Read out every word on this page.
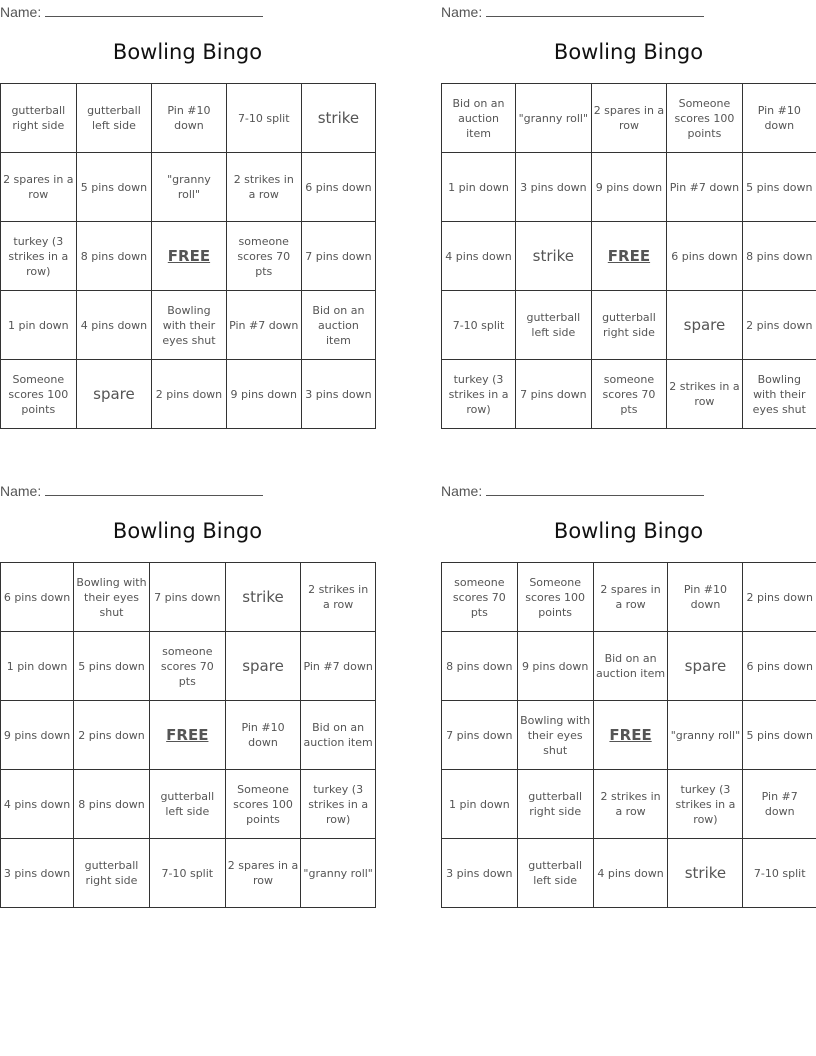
Name:
Bowling Bingo
gutterball right side	gutterball left side	Pin #10 down	7-10 split	strike
2 spares in a row	5 pins down	"granny roll"	2 strikes in a row	6 pins down
turkey (3 strikes in a row)	8 pins down	FREE	someone scores 70 pts	7 pins down
1 pin down	4 pins down	Bowling with their eyes shut	Pin #7 down	Bid on an auction item
Someone scores 100 points	spare	2 pins down	9 pins down	3 pins down
Name:
Bowling Bingo
Bid on an auction item	"granny roll"	2 spares in a row	Someone scores 100 points	Pin #10 down
1 pin down	3 pins down	9 pins down	Pin #7 down	5 pins down
4 pins down	strike	FREE	6 pins down	8 pins down
7-10 split	gutterball left side	gutterball right side	spare	2 pins down
turkey (3 strikes in a row)	7 pins down	someone scores 70 pts	2 strikes in a row	Bowling with their eyes shut
Name:
Bowling Bingo
6 pins down	Bowling with their eyes shut	7 pins down	strike	2 strikes in a row
1 pin down	5 pins down	someone scores 70 pts	spare	Pin #7 down
9 pins down	2 pins down	FREE	Pin #10 down	Bid on an auction item
4 pins down	8 pins down	gutterball left side	Someone scores 100 points	turkey (3 strikes in a row)
3 pins down	gutterball right side	7-10 split	2 spares in a row	"granny roll"
Name:
Bowling Bingo
someone scores 70 pts	Someone scores 100 points	2 spares in a row	Pin #10 down	2 pins down
8 pins down	9 pins down	Bid on an auction item	spare	6 pins down
7 pins down	Bowling with their eyes shut	FREE	"granny roll"	5 pins down
1 pin down	gutterball right side	2 strikes in a row	turkey (3 strikes in a row)	Pin #7 down
3 pins down	gutterball left side	4 pins down	strike	7-10 split
